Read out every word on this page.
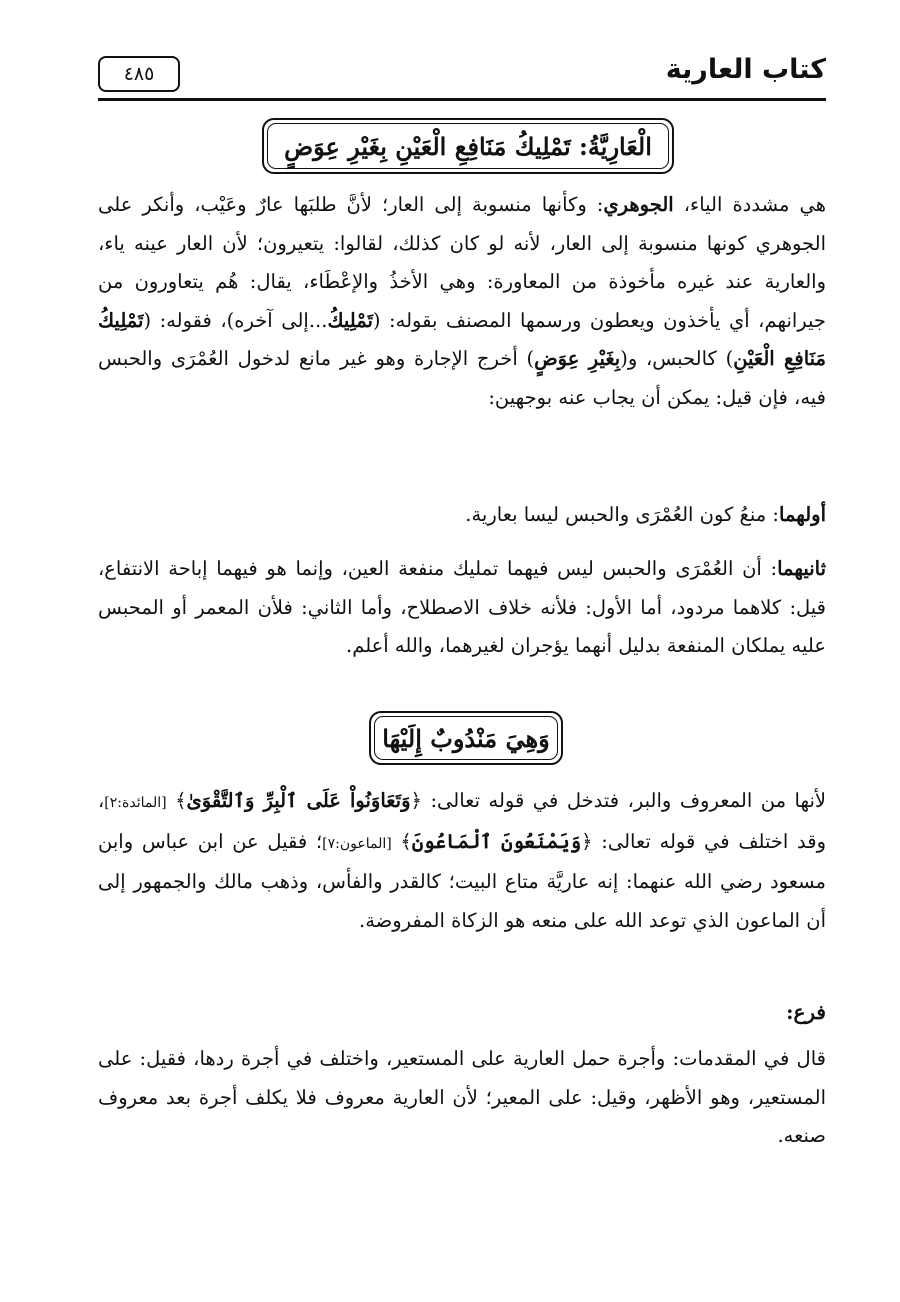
كتاب العارية
٤٨٥
الْعَارِيَّةُ: تَمْلِيكُ مَنَافِعِ الْعَيْنِ بِغَيْرِ عِوَضٍ
هي مشددة الياء، الجوهري: وكأنها منسوبة إلى العار؛ لأنَّ طلبَها عارٌ وعَيْب، وأنكر على الجوهري كونها منسوبة إلى العار، لأنه لو كان كذلك، لقالوا: يتعيرون؛ لأن العار عينه ياء، والعارية عند غيره مأخوذة من المعاورة: وهي الأخذُ والإعْطَاء، يقال: هُم يتعاورون من جيرانهم، أي يأخذون ويعطون ورسمها المصنف بقوله: (تَمْلِيكُ...إلى آخره)، فقوله: (تَمْلِيكُ مَنَافِعِ الْعَيْنِ) كالحبس، و(بِغَيْرِ عِوَضٍ) أخرج الإجارة وهو غير مانع لدخول العُمْرَى والحبس فيه، فإن قيل: يمكن أن يجاب عنه بوجهين:
أولهما: منعُ كون العُمْرَى والحبس ليسا بعارية.
ثانيهما: أن العُمْرَى والحبس ليس فيهما تمليك منفعة العين، وإنما هو فيهما إباحة الانتفاع، قيل: كلاهما مردود، أما الأول: فلأنه خلاف الاصطلاح، وأما الثاني: فلأن المعمر أو المحبس عليه يملكان المنفعة بدليل أنهما يؤجران لغيرهما، والله أعلم.
وَهِيَ مَنْدُوبٌ إِلَيْهَا
لأنها من المعروف والبر، فتدخل في قوله تعالى: ﴿وَتَعَاوَنُواْ عَلَى ٱلْبِرِّ وَٱلتَّقْوَىٰ﴾ [المائدة:٢]، وقد اختلف في قوله تعالى: ﴿وَيَمْنَعُونَ ٱلْمَاعُونَ﴾ [الماعون:٧]؛ فقيل عن ابن عباس وابن مسعود رضي الله عنهما: إنه عاريَّة متاع البيت؛ كالقدر والفأس، وذهب مالك والجمهور إلى أن الماعون الذي توعد الله على منعه هو الزكاة المفروضة.
فرع:
قال في المقدمات: وأجرة حمل العارية على المستعير، واختلف في أجرة ردها، فقيل: على المستعير، وهو الأظهر، وقيل: على المعير؛ لأن العارية معروف فلا يكلف أجرة بعد معروف صنعه.
